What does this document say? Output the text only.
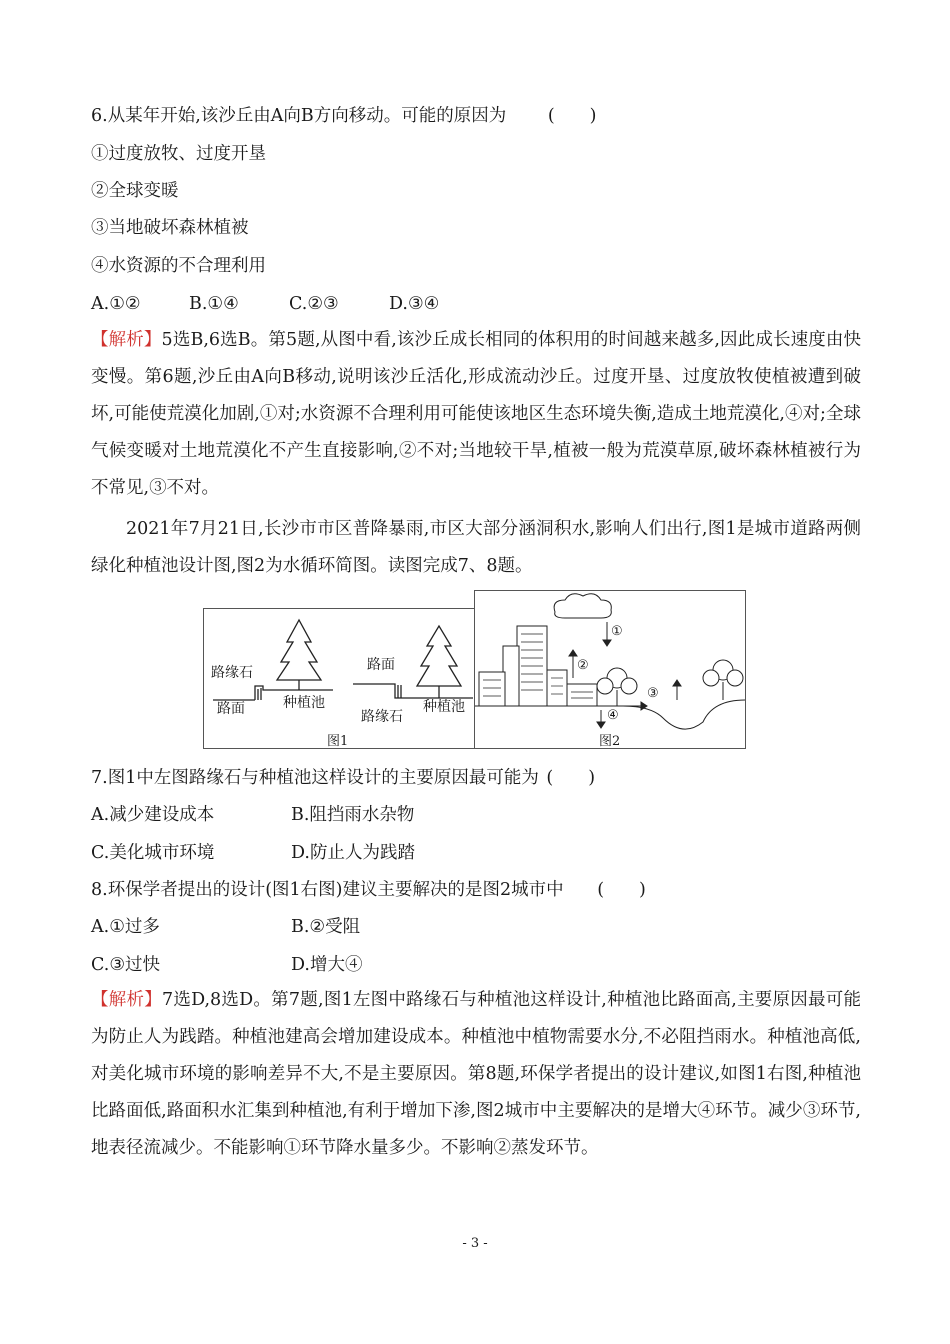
6.从某年开始,该沙丘由A向B方向移动。可能的原因为 (　　)
①过度放牧、过度开垦
②全球变暖
③当地破坏森林植被
④水资源的不合理利用
A.①②	B.①④	C.②③	D.③④
【解析】5选B,6选B。第5题,从图中看,该沙丘成长相同的体积用的时间越来越多,因此成长速度由快变慢。第6题,沙丘由A向B移动,说明该沙丘活化,形成流动沙丘。过度开垦、过度放牧使植被遭到破坏,可能使荒漠化加剧,①对;水资源不合理利用可能使该地区生态环境失衡,造成土地荒漠化,④对;全球气候变暖对土地荒漠化不产生直接影响,②不对;当地较干旱,植被一般为荒漠草原,破坏森林植被行为不常见,③不对。
2021年7月21日,长沙市市区普降暴雨,市区大部分涵洞积水,影响人们出行,图1是城市道路两侧绿化种植池设计图,图2为水循环简图。读图完成7、8题。
路缘石
路面	种植池
路面
路缘石
种植池
图1
①
②
③
④
图2
7.图1中左图路缘石与种植池这样设计的主要原因最可能为 (　　)
A.减少建设成本	B.阻挡雨水杂物
C.美化城市环境	D.防止人为践踏
8.环保学者提出的设计(图1右图)建议主要解决的是图2城市中 (　　)
A.①过多	B.②受阻
C.③过快	D.增大④
【解析】7选D,8选D。第7题,图1左图中路缘石与种植池这样设计,种植池比路面高,主要原因最可能为防止人为践踏。种植池建高会增加建设成本。种植池中植物需要水分,不必阻挡雨水。种植池高低,对美化城市环境的影响差异不大,不是主要原因。第8题,环保学者提出的设计建议,如图1右图,种植池比路面低,路面积水汇集到种植池,有利于增加下渗,图2城市中主要解决的是增大④环节。减少③环节,地表径流减少。不能影响①环节降水量多少。不影响②蒸发环节。
- 3 -
